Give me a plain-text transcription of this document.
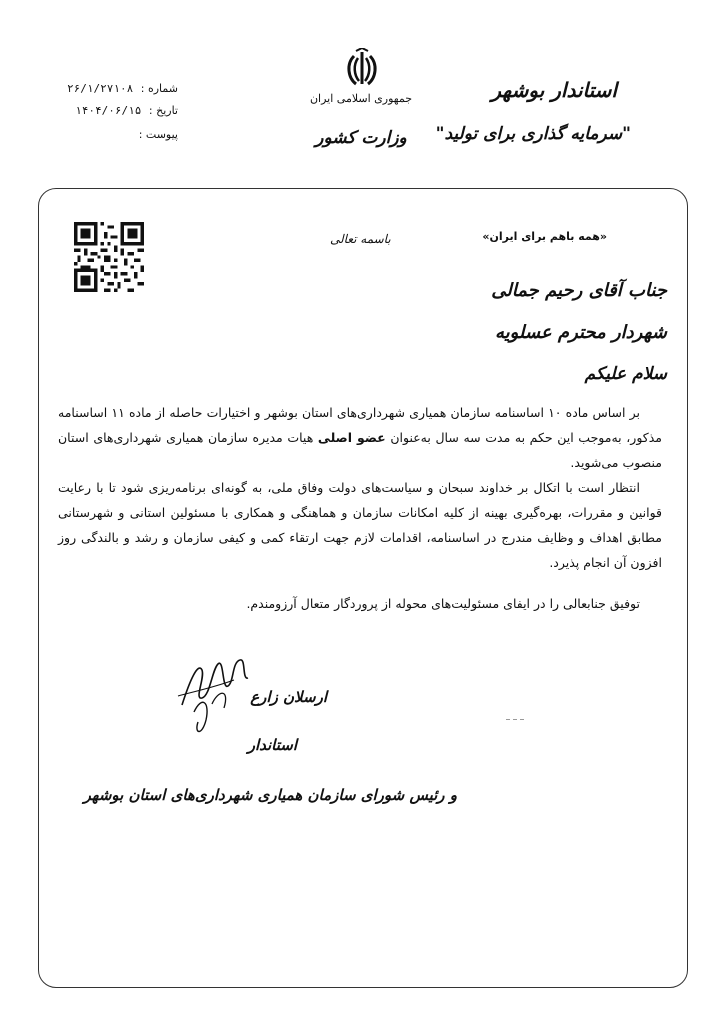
استاندار بوشهر
"سرمایه گذاری برای تولید"
جمهوری اسلامی ایران
وزارت کشور
شماره : ۲۶/۱/۲۷۱۰۸
تاریخ : ۱۴۰۴/۰۶/۱۵
پیوست :
باسمه تعالی	«همه باهم برای ایران»
جناب آقای رحیم جمالی
شهردار محترم عسلویه
سلام علیکم

بر اساس ماده ۱۰ اساسنامه سازمان همیاری شهرداری‌های استان بوشهر و اختیارات حاصله از ماده ۱۱ اساسنامه مذکور، به‌موجب این حکم به مدت سه سال به‌عنوان عضو اصلی هیات مدیره سازمان همیاری شهرداری‌های استان منصوب می‌شوید.

انتظار است با اتکال بر خداوند سبحان و سیاست‌های دولت وفاق ملی، به گونه‌ای برنامه‌ریزی شود تا با رعایت قوانین و مقررات، بهره‌گیری بهینه از کلیه امکانات سازمان و هماهنگی و همکاری با مسئولین استانی و شهرستانی مطابق اهداف و وظایف مندرج در اساسنامه، اقدامات لازم جهت ارتقاء کمی و کیفی سازمان و رشد و بالندگی روز افزون آن انجام پذیرد.

توفیق جنابعالی را در ایفای مسئولیت‌های محوله از پروردگار متعال آرزومندم.

ارسلان زارع
استاندار
و رئیس شورای سازمان همیاری شهرداری‌های استان بوشهر
